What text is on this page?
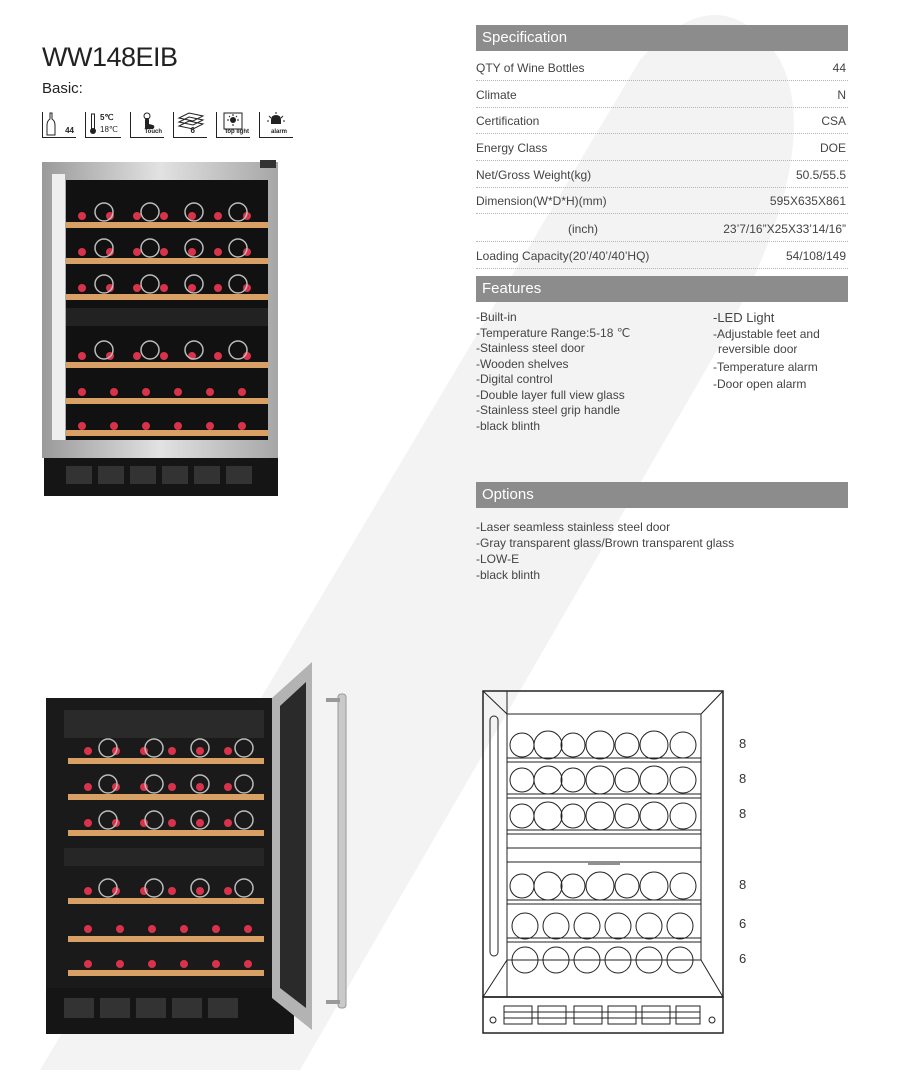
WW148EIB
Basic:
44
5℃
18℃	Touch	6	top light	alarm
Specification
QTY of Wine Bottles	44
Climate	N
Certification	CSA
Energy Class	DOE
Net/Gross Weight(kg)	50.5/55.5
Dimension(W*D*H)(mm)	595X635X861
(inch)	23’7/16”X25X33’14/16”
Loading Capacity(20’/40’/40’HQ)	54/108/149
Features
-Built-in
-Temperature Range:5-18 ℃
-Stainless steel door
-Wooden shelves
-Digital control
-Double layer full view glass
-Stainless steel grip handle
-black blinth
-LED Light
-Adjustable feet and
reversible door
-Temperature alarm
-Door open alarm
Options
-Laser seamless stainless steel door
-Gray transparent glass/Brown transparent glass
-LOW-E
-black blinth
8
8
8
8
6
6
